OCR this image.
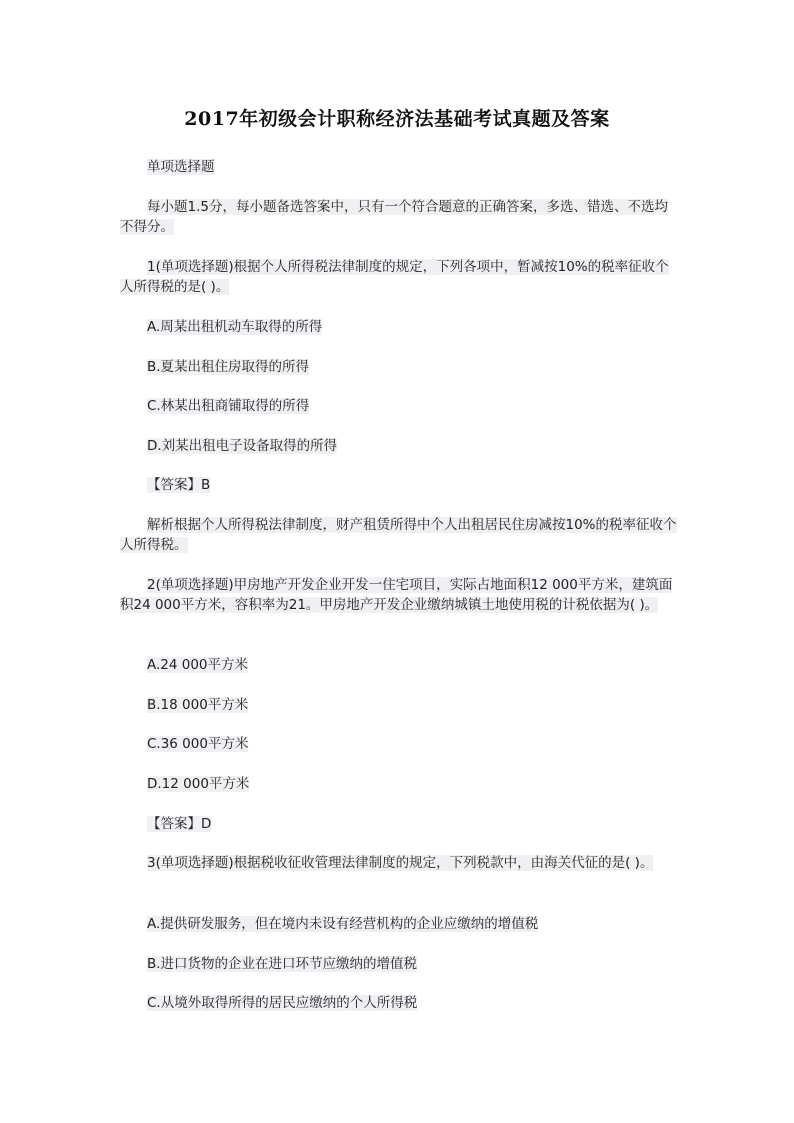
2017年初级会计职称经济法基础考试真题及答案
单项选择题
每小题1.5分，每小题备选答案中，只有一个符合题意的正确答案，多选、错选、不选均不得分。
1(单项选择题)根据个人所得税法律制度的规定，下列各项中，暂减按10%的税率征收个人所得税的是( )。
A.周某出租机动车取得的所得
B.夏某出租住房取得的所得
C.林某出租商铺取得的所得
D.刘某出租电子设备取得的所得
【答案】B
解析根据个人所得税法律制度，财产租赁所得中个人出租居民住房减按10%的税率征收个人所得税。
2(单项选择题)甲房地产开发企业开发一住宅项目，实际占地面积12 000平方米，建筑面积24 000平方米，容积率为21。甲房地产开发企业缴纳城镇土地使用税的计税依据为( )。
A.24 000平方米
B.18 000平方米
C.36 000平方米
D.12 000平方米
【答案】D
3(单项选择题)根据税收征收管理法律制度的规定，下列税款中，由海关代征的是( )。
A.提供研发服务，但在境内未设有经营机构的企业应缴纳的增值税
B.进口货物的企业在进口环节应缴纳的增值税
C.从境外取得所得的居民应缴纳的个人所得税
